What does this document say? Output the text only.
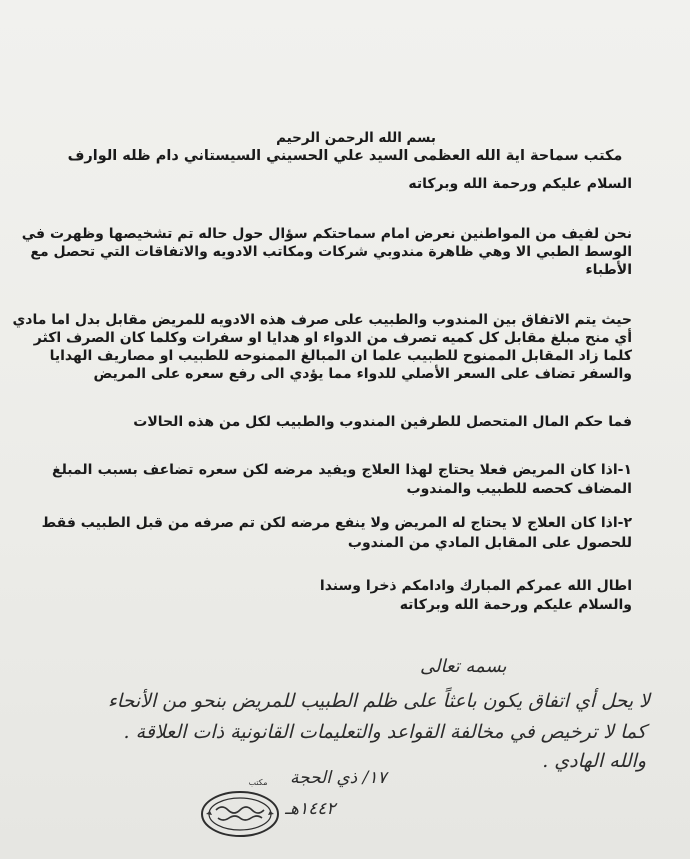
بسم الله الرحمن الرحيم
مكتب سماحة اية الله العظمى السيد علي الحسيني السيستاني دام ظله الوارف
السلام عليكم ورحمة الله وبركاته
نحن لفيف من المواطنين نعرض امام سماحتكم سؤال حول حاله تم تشخيصها وظهرت في
الوسط الطبي الا وهي ظاهرة مندوبي شركات ومكاتب الادويه والاتفاقات التي تحصل مع
الأطباء
حيث يتم الاتفاق بين المندوب والطبيب على صرف هذه الادويه للمريض مقابل بدل اما مادي
أي منح مبلغ مقابل كل كميه تصرف من الدواء او هدايا او سفرات وكلما كان الصرف اكثر
كلما زاد المقابل الممنوح للطبيب علما ان المبالغ الممنوحه للطبيب او مصاريف الهدايا
والسفر تضاف على السعر الأصلي للدواء مما يؤدي الى رفع سعره على المريض
فما حكم المال المتحصل للطرفين المندوب والطبيب لكل من هذه الحالات
١-اذا كان المريض فعلا يحتاج لهذا العلاج ويفيد مرضه لكن سعره تضاعف بسبب المبلغ
المضاف كحصه للطبيب والمندوب
٢-اذا كان العلاج لا يحتاج له المريض ولا ينفع مرضه لكن تم صرفه من قبل الطبيب فقط
للحصول على المقابل المادي من المندوب
اطال الله عمركم المبارك وادامكم ذخرا وسندا
والسلام عليكم ورحمة الله وبركاته
بسمه تعالى
لا يحل أي اتفاق يكون باعثاً على ظلم الطبيب للمريض بنحو من الأنحاء
كما لا ترخيص في مخالفة القواعد والتعليمات القانونية ذات العلاقة .
والله الهادي .
١٧/ ذي الحجة
١٤٤٢هـ
مكتب
